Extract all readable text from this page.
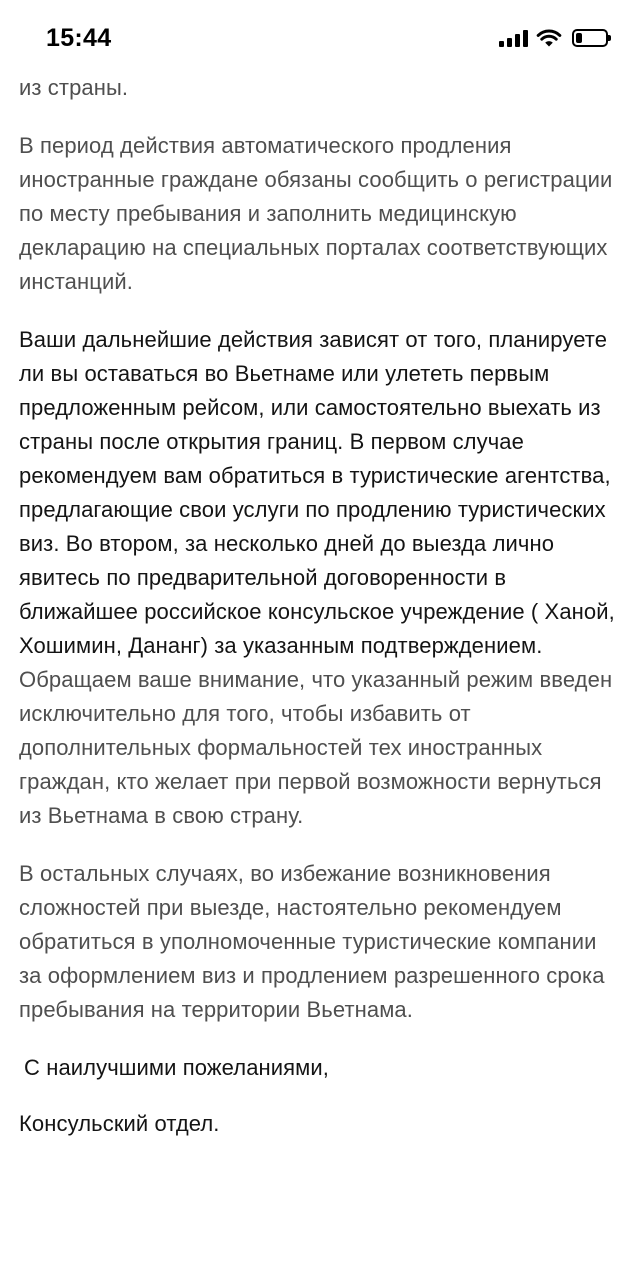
15:44

из страны.

В период действия автоматического продления иностранные граждане обязаны сообщить о регистрации по месту пребывания и заполнить медицинскую декларацию на специальных порталах соответствующих инстанций.

Ваши дальнейшие действия зависят от того, планируете ли вы оставаться во Вьетнаме или улететь первым предложенным рейсом, или самостоятельно выехать из страны после открытия границ. В первом случае рекомендуем вам обратиться в туристические агентства, предлагающие свои услуги по продлению туристических виз. Во втором, за несколько дней до выезда лично явитесь по предварительной договоренности в ближайшее российское консульское учреждение ( Ханой, Хошимин, Дананг) за указанным подтверждением.

Обращаем ваше внимание, что указанный режим введен исключительно для того, чтобы избавить от дополнительных формальностей тех иностранных граждан, кто желает при первой возможности вернуться из Вьетнама в свою страну.

В остальных случаях, во избежание возникновения сложностей при выезде, настоятельно рекомендуем обратиться в уполномоченные туристические компании за оформлением виз и продлением разрешенного срока пребывания на территории Вьетнама.

С наилучшими пожеланиями,

Консульский отдел.
